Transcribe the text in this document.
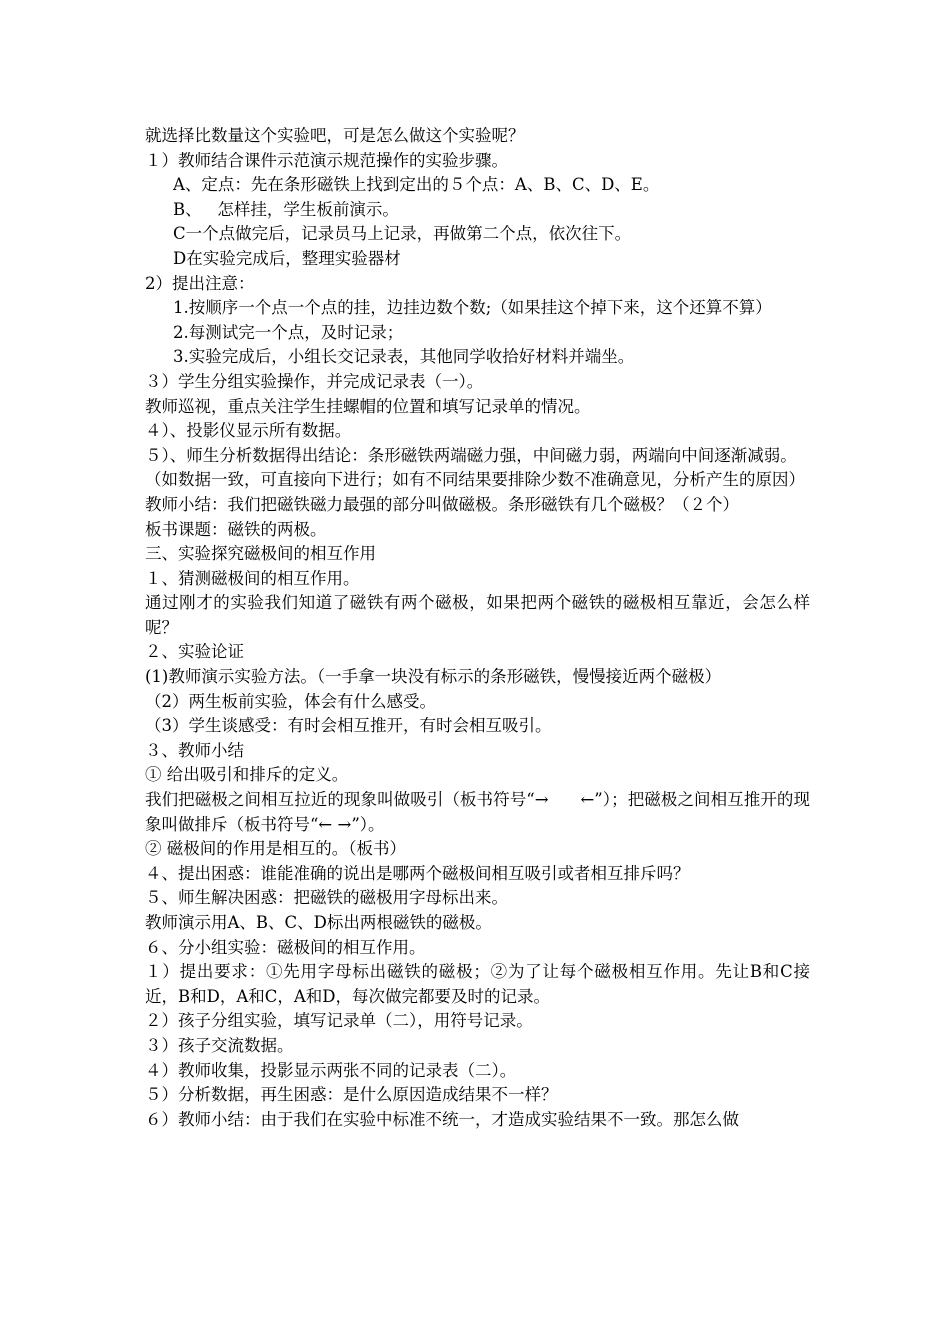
就选择比数量这个实验吧，可是怎么做这个实验呢？

１）教师结合课件示范演示规范操作的实验步骤。

A、定点：先在条形磁铁上找到定出的５个点：A、B、C、D、E。

B、   怎样挂，学生板前演示。

C一个点做完后，记录员马上记录，再做第二个点，依次往下。

D在实验完成后，整理实验器材

2）提出注意：

1.按顺序一个点一个点的挂，边挂边数个数;（如果挂这个掉下来，这个还算不算）

2.每测试完一个点，及时记录；

3.实验完成后，小组长交记录表，其他同学收拾好材料并端坐。

３）学生分组实验操作，并完成记录表（一）。

教师巡视，重点关注学生挂螺帽的位置和填写记录单的情况。

４）、投影仪显示所有数据。

５）、师生分析数据得出结论：条形磁铁两端磁力强，中间磁力弱，两端向中间逐渐减弱。

（如数据一致，可直接向下进行；如有不同结果要排除少数不准确意见，分析产生的原因）

教师小结：我们把磁铁磁力最强的部分叫做磁极。条形磁铁有几个磁极？（２个）

板书课题：磁铁的两极。

三、实验探究磁极间的相互作用

１、猜测磁极间的相互作用。

通过刚才的实验我们知道了磁铁有两个磁极，如果把两个磁铁的磁极相互靠近，会怎么样呢？

２、实验论证

(1)教师演示实验方法。（一手拿一块没有标示的条形磁铁，慢慢接近两个磁极）

（2）两生板前实验，体会有什么感受。

（3）学生谈感受：有时会相互推开，有时会相互吸引。

３、教师小结

① 给出吸引和排斥的定义。

我们把磁极之间相互拉近的现象叫做吸引（板书符号“→      ←”）；把磁极之间相互推开的现象叫做排斥（板书符号“← →”）。

② 磁极间的作用是相互的。（板书）

４、提出困惑：谁能准确的说出是哪两个磁极间相互吸引或者相互排斥吗？

５、师生解决困惑：把磁铁的磁极用字母标出来。

教师演示用A、B、C、D标出两根磁铁的磁极。

６、分小组实验：磁极间的相互作用。

１）提出要求：①先用字母标出磁铁的磁极；②为了让每个磁极相互作用。先让B和C接近，B和D，A和C，A和D，每次做完都要及时的记录。

２）孩子分组实验，填写记录单（二），用符号记录。

３）孩子交流数据。

４）教师收集，投影显示两张不同的记录表（二）。

５）分析数据，再生困惑：是什么原因造成结果不一样？

６）教师小结：由于我们在实验中标准不统一，才造成实验结果不一致。那怎么做
